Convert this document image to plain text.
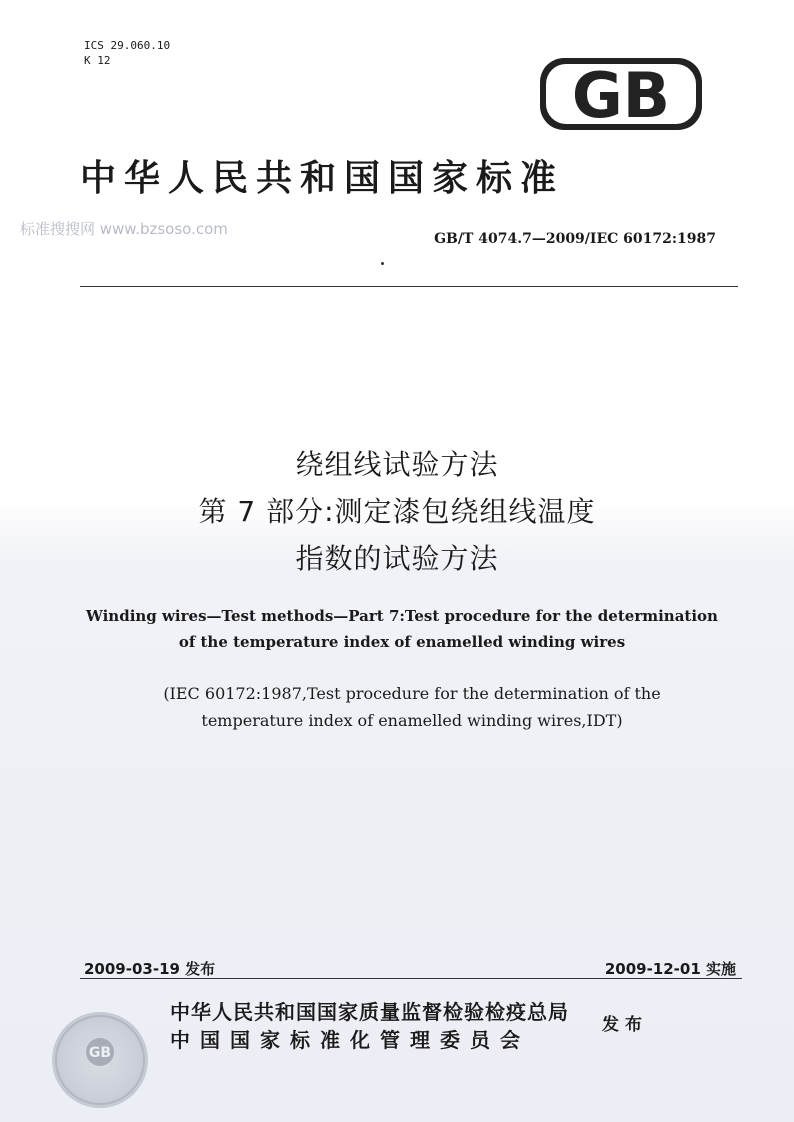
ICS 29.060.10
K 12	GB
中华人民共和国国家标准
标准搜搜网 www.bzsoso.com
GB/T 4074.7—2009/IEC 60172:1987
绕组线试验方法
第 7 部分:测定漆包绕组线温度
指数的试验方法
Winding wires—Test methods—Part 7:Test procedure for the determination
of the temperature index of enamelled winding wires
(IEC 60172:1987,Test procedure for the determination of the
temperature index of enamelled winding wires,IDT)
2009-03-19 发布	2009-12-01 实施
GB
中华人民共和国国家质量监督检验检疫总局
中国国家标准化管理委员会
发布
